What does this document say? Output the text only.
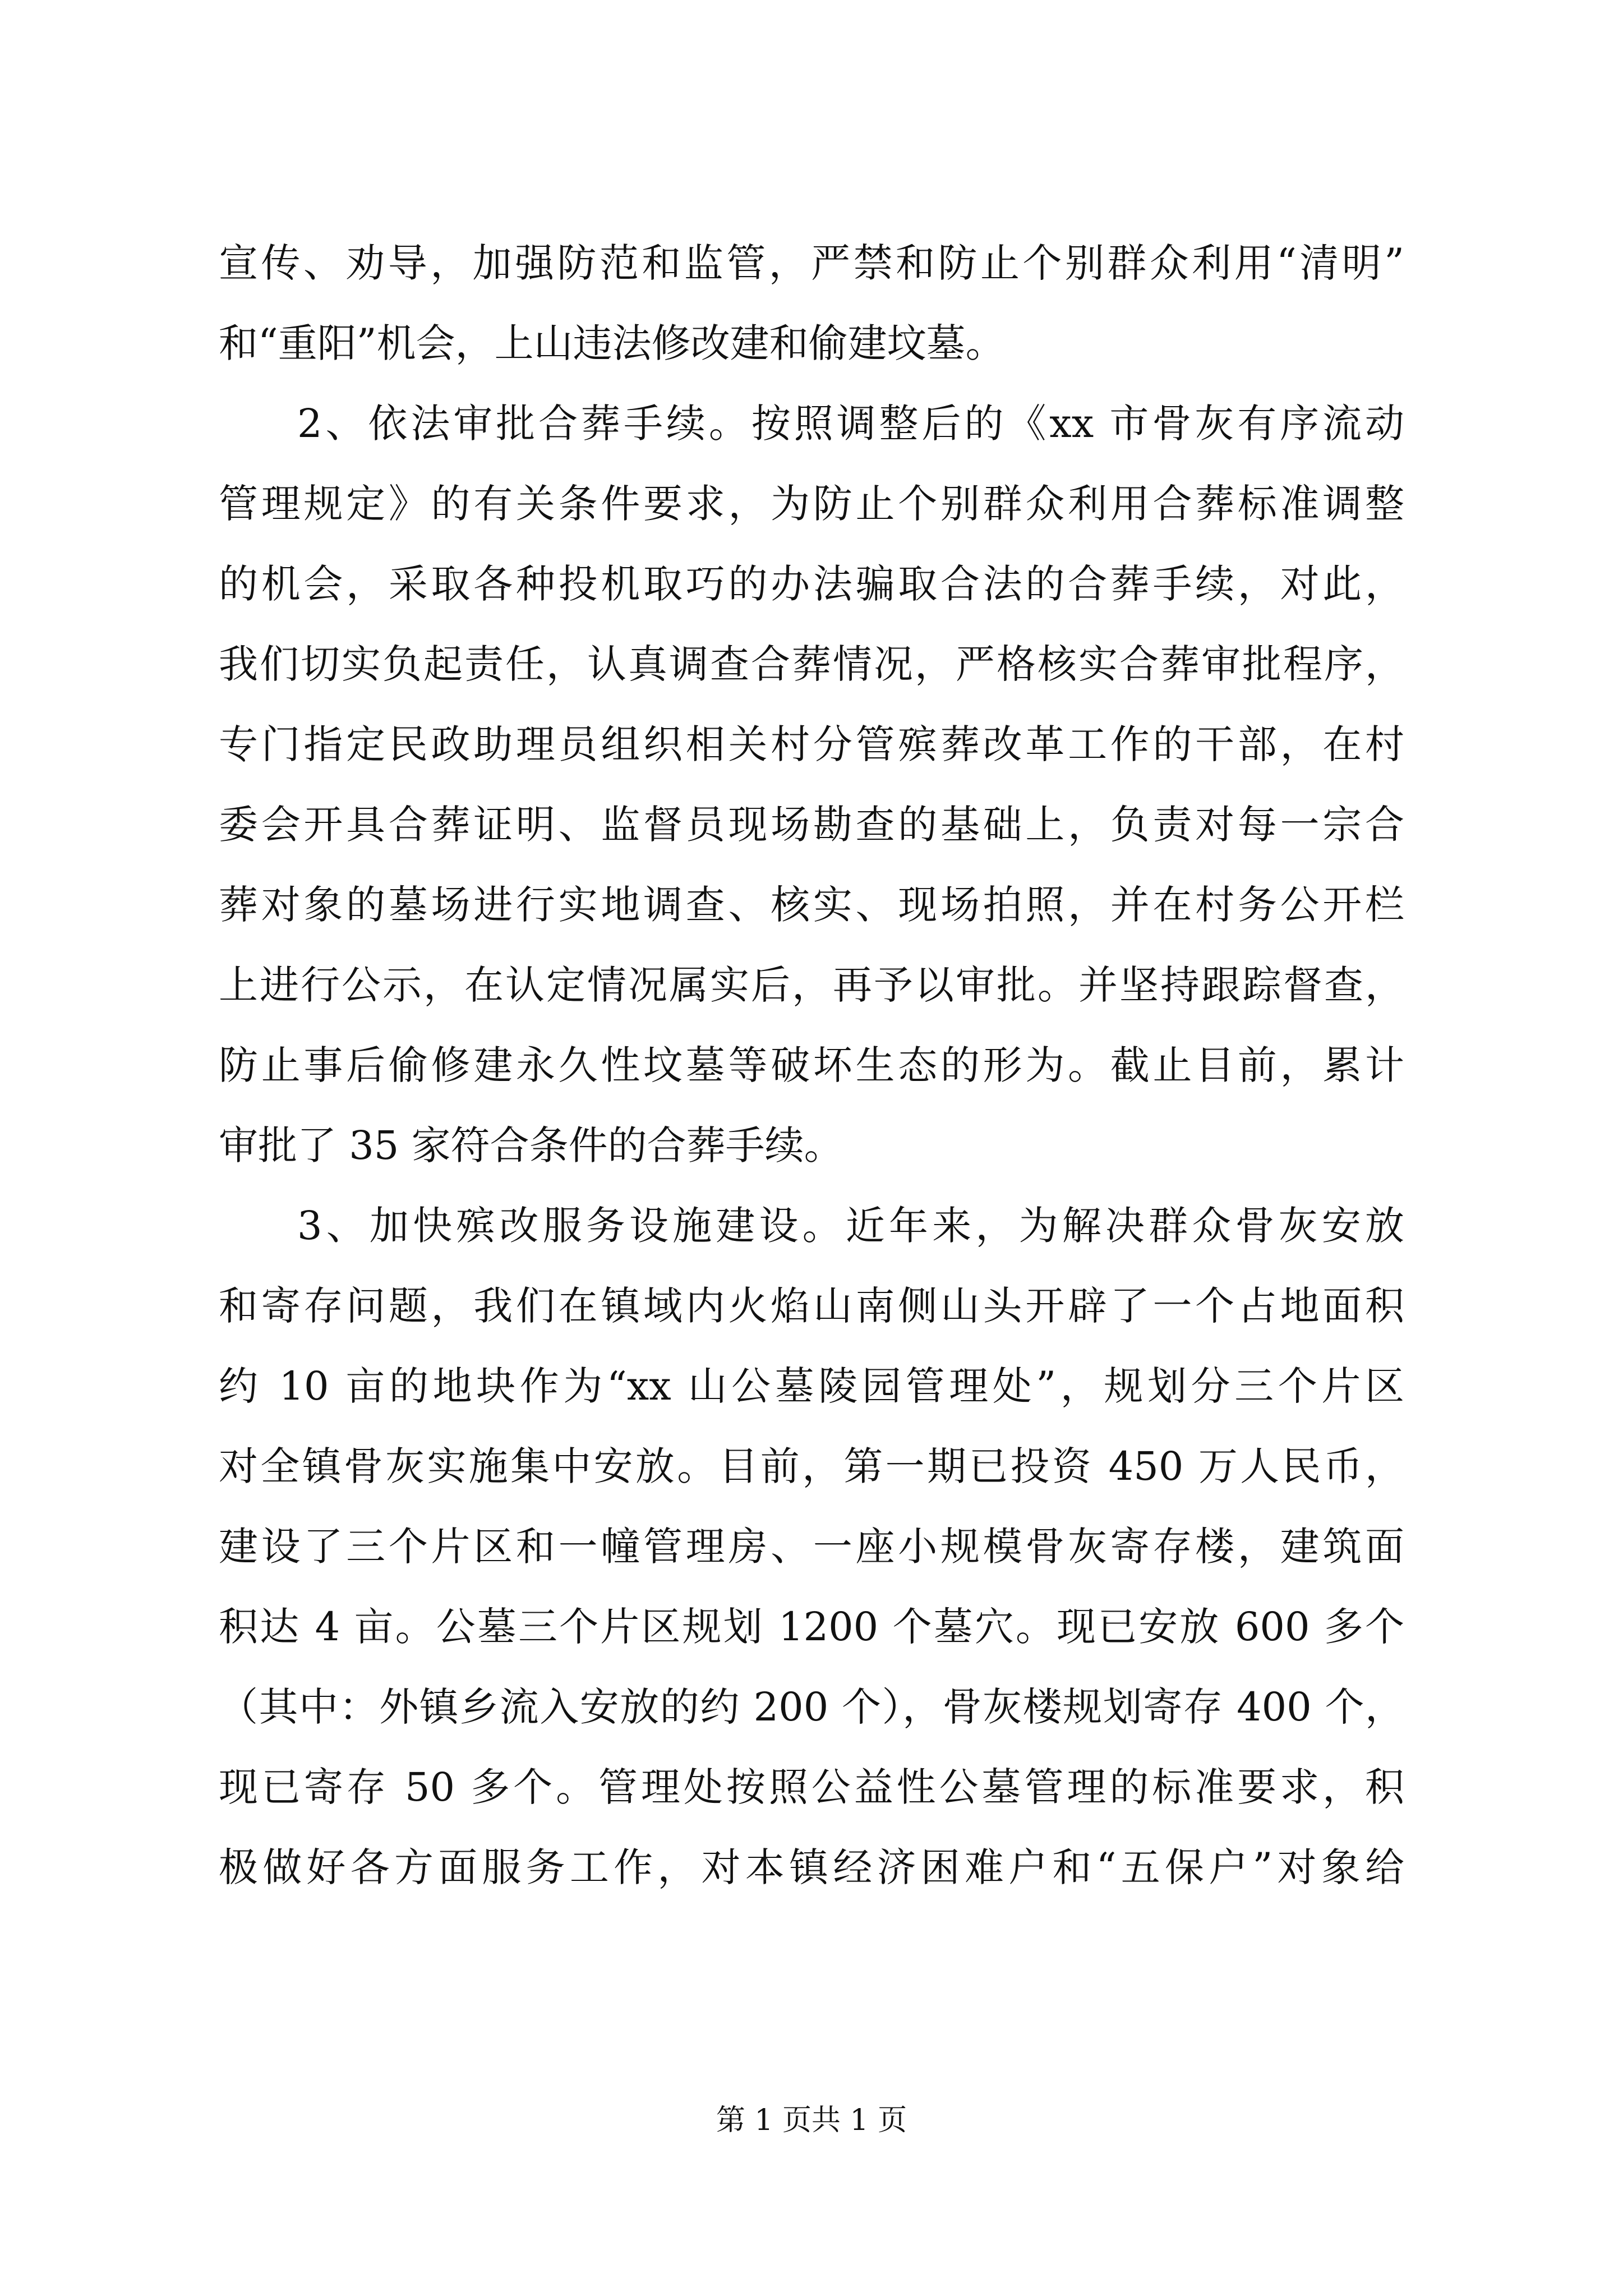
宣传、劝导，加强防范和监管，严禁和防止个别群众利用“清明”
和“重阳”机会，上山违法修改建和偷建坟墓。
2、依法审批合葬手续。按照调整后的《xx 市骨灰有序流动
管理规定》的有关条件要求，为防止个别群众利用合葬标准调整
的机会，采取各种投机取巧的办法骗取合法的合葬手续，对此，
我们切实负起责任，认真调查合葬情况，严格核实合葬审批程序，
专门指定民政助理员组织相关村分管殡葬改革工作的干部，在村
委会开具合葬证明、监督员现场勘查的基础上，负责对每一宗合
葬对象的墓场进行实地调查、核实、现场拍照，并在村务公开栏
上进行公示，在认定情况属实后，再予以审批。并坚持跟踪督查，
防止事后偷修建永久性坟墓等破坏生态的形为。截止目前，累计
审批了 35 家符合条件的合葬手续。
3、加快殡改服务设施建设。近年来，为解决群众骨灰安放
和寄存问题，我们在镇域内火焰山南侧山头开辟了一个占地面积
约 10 亩的地块作为“xx 山公墓陵园管理处”，规划分三个片区
对全镇骨灰实施集中安放。目前，第一期已投资 450 万人民币，
建设了三个片区和一幢管理房、一座小规模骨灰寄存楼，建筑面
积达 4 亩。公墓三个片区规划 1200 个墓穴。现已安放 600 多个
（其中：外镇乡流入安放的约 200 个），骨灰楼规划寄存 400 个，
现已寄存 50 多个。管理处按照公益性公墓管理的标准要求，积
极做好各方面服务工作，对本镇经济困难户和“五保户”对象给
第 1 页共 1 页
